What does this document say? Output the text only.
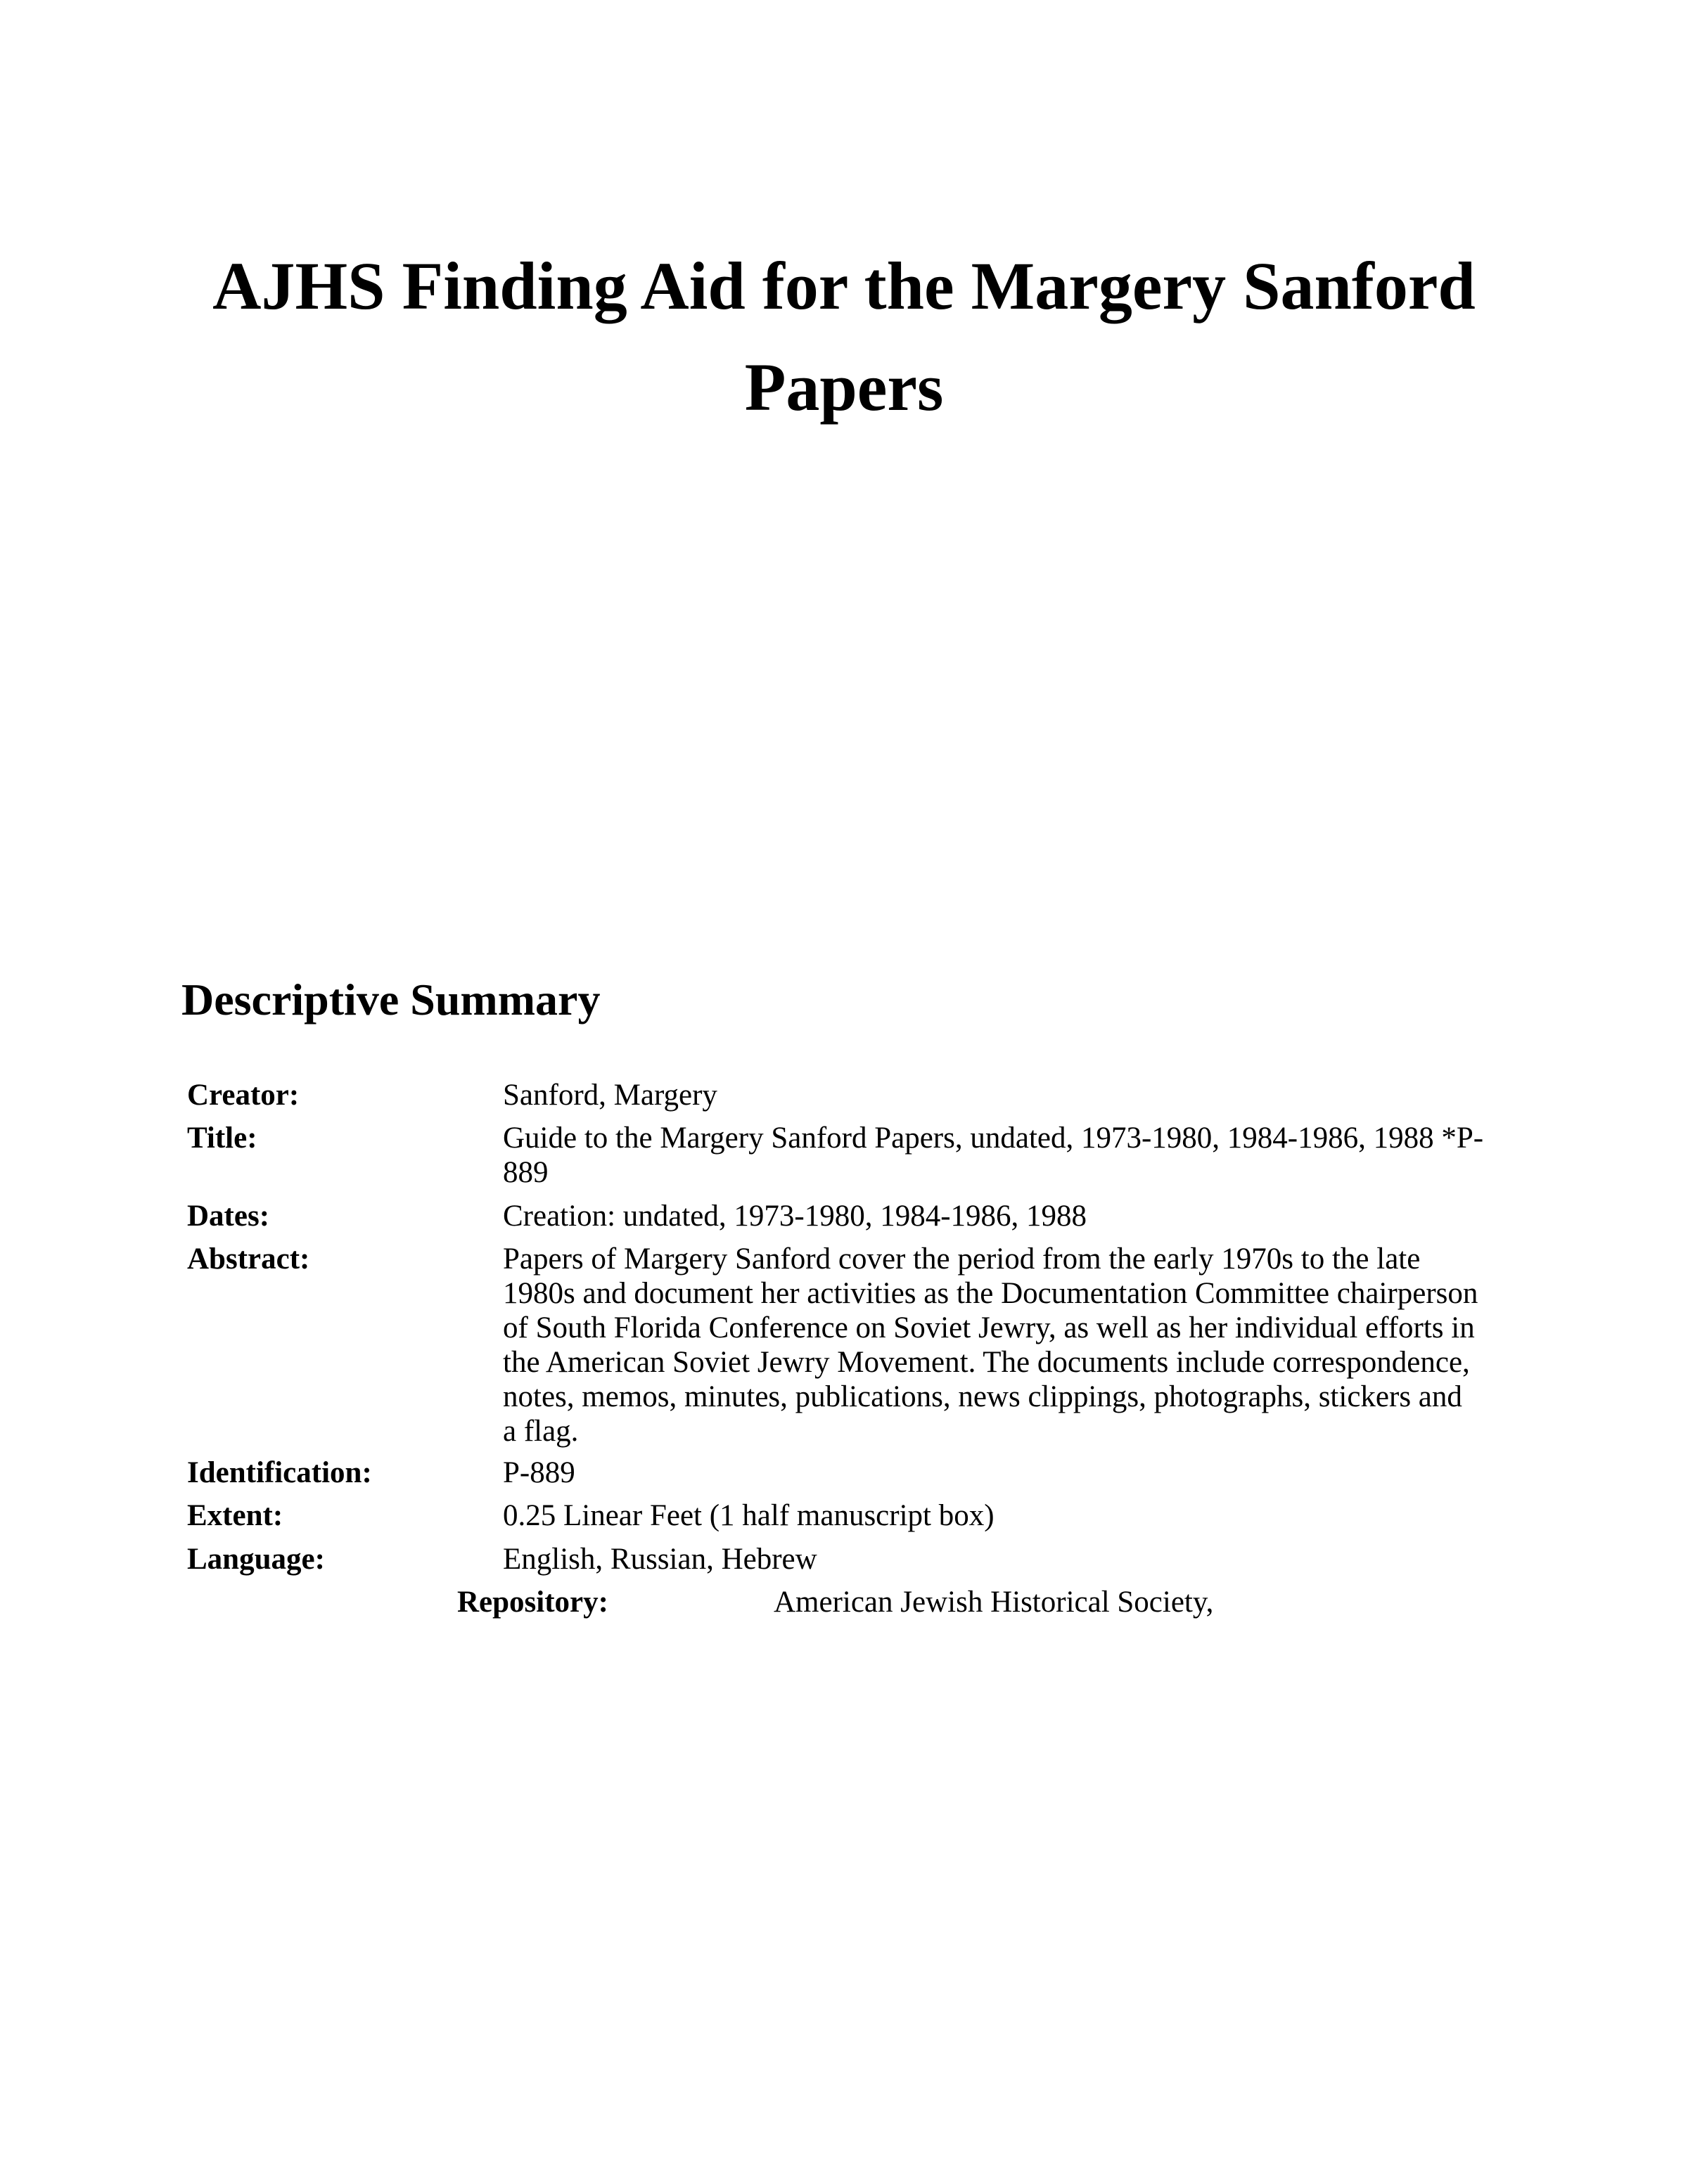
AJHS Finding Aid for the Margery Sanford Papers
Descriptive Summary
Creator:	Sanford, Margery
Title:	Guide to the Margery Sanford Papers, undated, 1973-1980, 1984-1986, 1988 *P-889
Dates:	Creation: undated, 1973-1980, 1984-1986, 1988
Abstract:	Papers of Margery Sanford cover the period from the early 1970s to the late 1980s and document her activities as the Documentation Committee chairperson of South Florida Conference on Soviet Jewry, as well as her individual efforts in the American Soviet Jewry Movement. The documents include correspondence, notes, memos, minutes, publications, news clippings, photographs, stickers and a flag.
Identification:	P-889
Extent:	0.25 Linear Feet (1 half manuscript box)
Language:	English, Russian, Hebrew
Repository:	American Jewish Historical Society,
